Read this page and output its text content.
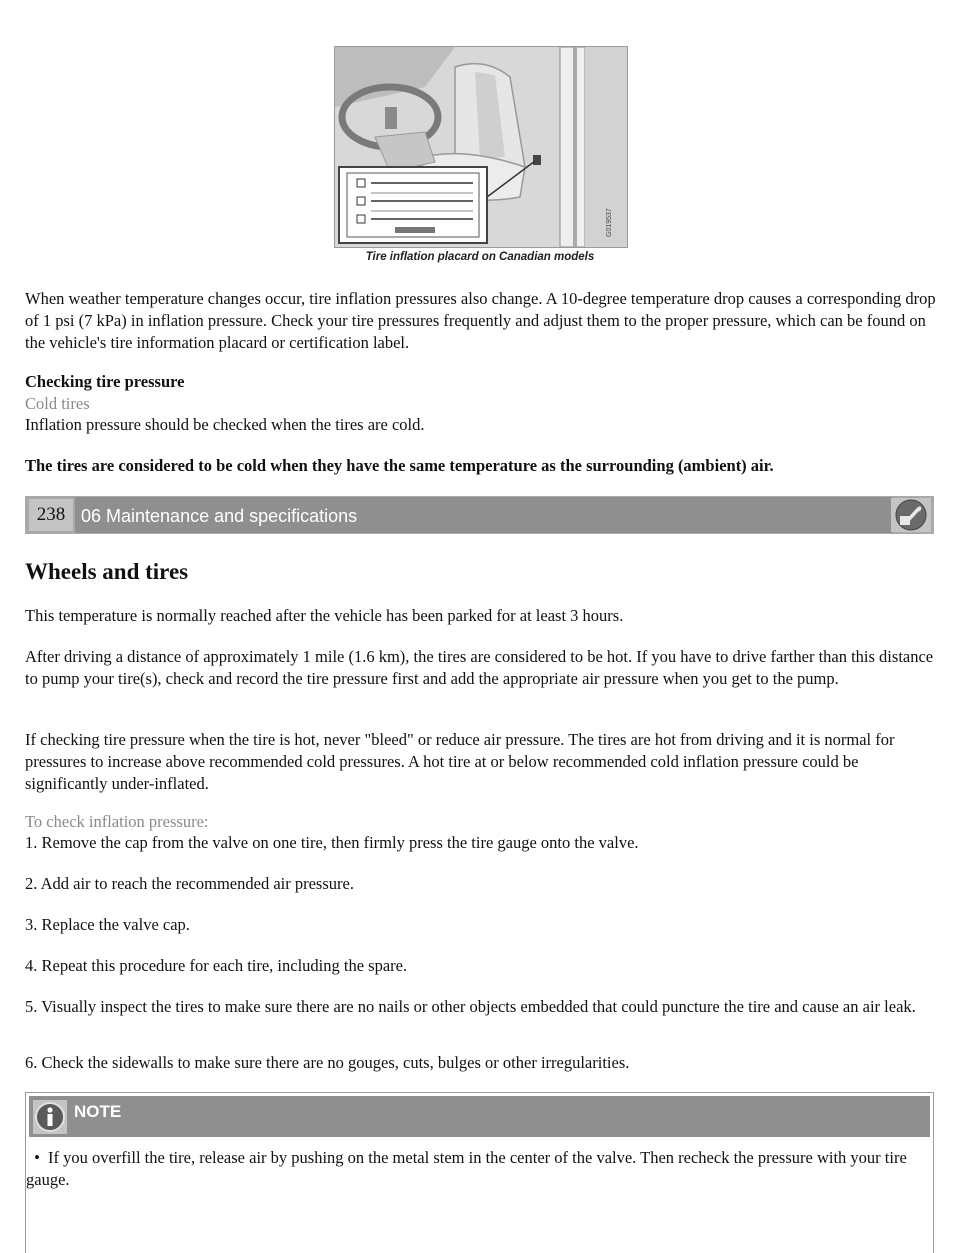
G019537
Tire inflation placard on Canadian models

When weather temperature changes occur, tire inflation pressures also change. A 10-degree temperature drop causes a corresponding drop of 1 psi (7 kPa) in inflation pressure. Check your tire pressures frequently and adjust them to the proper pressure, which can be found on the vehicle's tire information placard or certification label.

Checking tire pressure
Cold tires
Inflation pressure should be checked when the tires are cold.
The tires are considered to be cold when they have the same temperature as the surrounding (ambient) air.
238 06 Maintenance and specifications
Wheels and tires

This temperature is normally reached after the vehicle has been parked for at least 3 hours.

After driving a distance of approximately 1 mile (1.6 km), the tires are considered to be hot. If you have to drive farther than this distance to pump your tire(s), check and record the tire pressure first and add the appropriate air pressure when you get to the pump.

If checking tire pressure when the tire is hot, never "bleed" or reduce air pressure. The tires are hot from driving and it is normal for pressures to increase above recommended cold pressures. A hot tire at or below recommended cold inflation pressure could be significantly under-inflated.

To check inflation pressure:
1. Remove the cap from the valve on one tire, then firmly press the tire gauge onto the valve.
2. Add air to reach the recommended air pressure.
3. Replace the valve cap.
4. Repeat this procedure for each tire, including the spare.
5. Visually inspect the tires to make sure there are no nails or other objects embedded that could puncture the tire and cause an air leak.
6. Check the sidewalls to make sure there are no gouges, cuts, bulges or other irregularities.
NOTE

• If you overfill the tire, release air by pushing on the metal stem in the center of the valve. Then recheck the pressure with your tire gauge.
